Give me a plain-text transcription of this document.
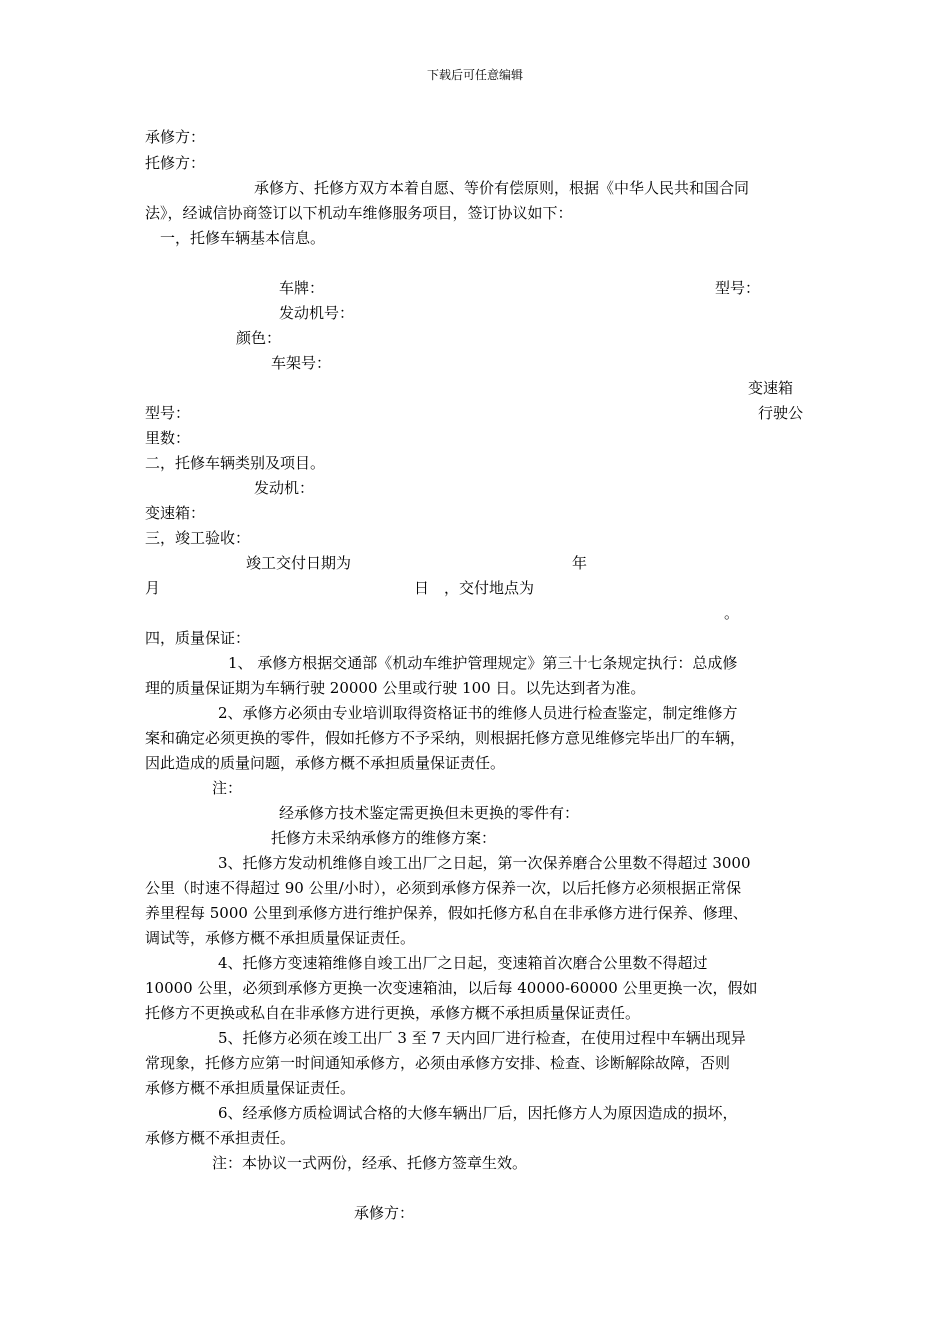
下载后可任意编辑
承修方：
托修方：
承修方、托修方双方本着自愿、等价有偿原则，根据《中华人民共和国合同
法》，经诚信协商签订以下机动车维修服务项目，签订协议如下：
一，托修车辆基本信息。
车牌：	型号：
发动机号：
颜色：
车架号：
变速箱
型号：	行驶公
里数：
二，托修车辆类别及项目。
发动机：
变速箱：
三，竣工验收：
竣工交付日期为	年
月	日 ，交付地点为
。
四，质量保证：
1、 承修方根据交通部《机动车维护管理规定》第三十七条规定执行：总成修
理的质量保证期为车辆行驶 20000 公里或行驶 100 日。以先达到者为准。
2、承修方必须由专业培训取得资格证书的维修人员进行检查鉴定，制定维修方
案和确定必须更换的零件，假如托修方不予采纳，则根据托修方意见维修完毕出厂的车辆，
因此造成的质量问题，承修方概不承担质量保证责任。
注：
经承修方技术鉴定需更换但未更换的零件有：
托修方未采纳承修方的维修方案：
3、托修方发动机维修自竣工出厂之日起，第一次保养磨合公里数不得超过 3000
公里（时速不得超过 90 公里/小时），必须到承修方保养一次，以后托修方必须根据正常保
养里程每 5000 公里到承修方进行维护保养，假如托修方私自在非承修方进行保养、修理、
调试等，承修方概不承担质量保证责任。
4、托修方变速箱维修自竣工出厂之日起，变速箱首次磨合公里数不得超过
10000 公里，必须到承修方更换一次变速箱油，以后每 40000-60000 公里更换一次，假如
托修方不更换或私自在非承修方进行更换，承修方概不承担质量保证责任。
5、托修方必须在竣工出厂 3 至 7 天内回厂进行检查，在使用过程中车辆出现异
常现象，托修方应第一时间通知承修方，必须由承修方安排、检查、诊断解除故障，否则
承修方概不承担质量保证责任。
6、经承修方质检调试合格的大修车辆出厂后，因托修方人为原因造成的损坏，
承修方概不承担责任。
注：本协议一式两份，经承、托修方签章生效。
承修方：
